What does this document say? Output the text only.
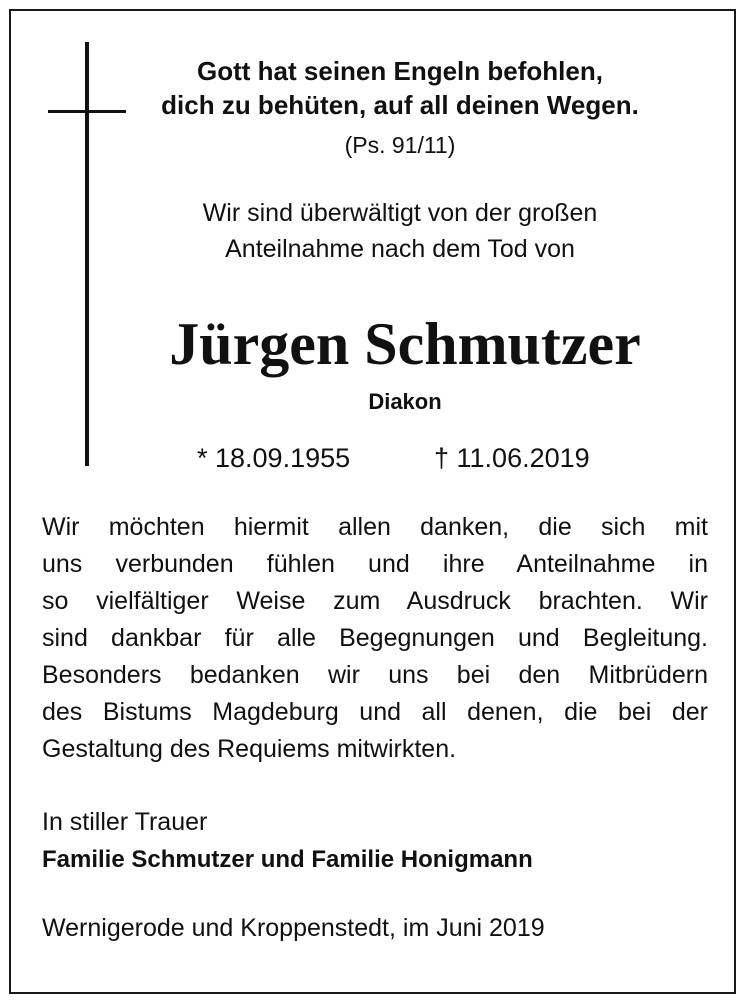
Gott hat seinen Engeln befohlen,
dich zu behüten, auf all deinen Wegen.
(Ps. 91/11)
Wir sind überwältigt von der großen
Anteilnahme nach dem Tod von
Jürgen Schmutzer
Diakon
* 18.09.1955	† 11.06.2019
Wir möchten hiermit allen danken, die sich mit
uns verbunden fühlen und ihre Anteilnahme in
so vielfältiger Weise zum Ausdruck brachten. Wir
sind dankbar für alle Begegnungen und Begleitung.
Besonders bedanken wir uns bei den Mitbrüdern
des Bistums Magdeburg und all denen, die bei der
Gestaltung des Requiems mitwirkten.
In stiller Trauer
Familie Schmutzer und Familie Honigmann
Wernigerode und Kroppenstedt, im Juni 2019
